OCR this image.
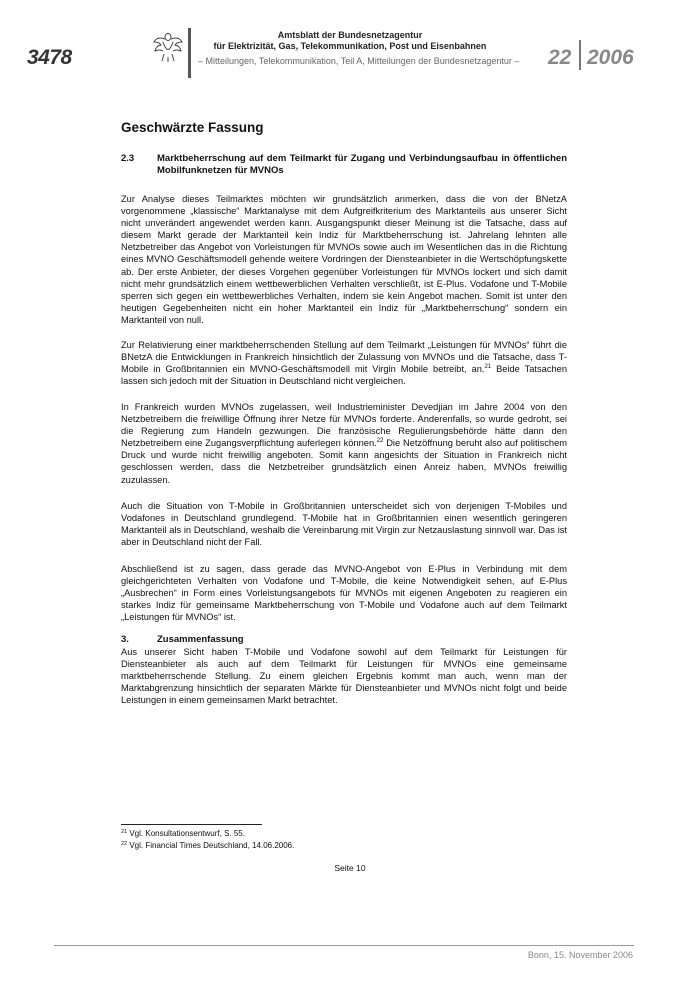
3478
Amtsblatt der Bundesnetzagentur
für Elektrizität, Gas, Telekommunikation, Post und Eisenbahnen
– Mitteilungen, Telekommunikation, Teil A, Mitteilungen der Bundesnetzagentur –	22 2006
Geschwärzte Fassung
2.3 Marktbeherrschung auf dem Teilmarkt für Zugang und Verbindungsaufbau in öffentlichen Mobilfunknetzen für MVNOs
Zur Analyse dieses Teilmarktes möchten wir grundsätzlich anmerken, dass die von der BNetzA vorgenommene „klassische“ Marktanalyse mit dem Aufgreifkriterium des Marktanteils aus unserer Sicht nicht unverändert angewendet werden kann. Ausgangspunkt dieser Meinung ist die Tatsache, dass auf diesem Markt gerade der Marktanteil kein Indiz für Marktbeherrschung ist. Jahrelang lehnten alle Netzbetreiber das Angebot von Vorleistungen für MVNOs sowie auch im Wesentlichen das in die Richtung eines MVNO Geschäftsmodell gehende weitere Vordringen der Diensteanbieter in die Wertschöpfungskette ab. Der erste Anbieter, der dieses Vorgehen gegenüber Vorleistungen für MVNOs lockert und sich damit nicht mehr grundsätzlich einem wettbewerblichen Verhalten verschließt, ist E-Plus. Vodafone und T-Mobile sperren sich gegen ein wettbewerbliches Verhalten, indem sie kein Angebot machen. Somit ist unter den heutigen Gegebenheiten nicht ein hoher Marktanteil ein Indiz für „Marktbeherrschung“ sondern ein Marktanteil von null.
Zur Relativierung einer marktbeherrschenden Stellung auf dem Teilmarkt „Leistungen für MVNOs“ führt die BNetzA die Entwicklungen in Frankreich hinsichtlich der Zulassung von MVNOs und die Tatsache, dass T-Mobile in Großbritannien ein MVNO-Geschäftsmodell mit Virgin Mobile betreibt, an.$^{21}$ Beide Tatsachen lassen sich jedoch mit der Situation in Deutschland nicht vergleichen.
In Frankreich wurden MVNOs zugelassen, weil Industrieminister Devedjian im Jahre 2004 von den Netzbetreibern die freiwillige Öffnung ihrer Netze für MVNOs forderte. Anderenfalls, so wurde gedroht, sei die Regierung zum Handeln gezwungen. Die französische Regulierungsbehörde hätte dann den Netzbetreibern eine Zugangsverpflichtung auferlegen können.$^{22}$ Die Netzöffnung beruht also auf politischem Druck und wurde nicht freiwillig angeboten. Somit kann angesichts der Situation in Frankreich nicht geschlossen werden, dass die Netzbetreiber grundsätzlich einen Anreiz haben, MVNOs freiwillig zuzulassen.
Auch die Situation von T-Mobile in Großbritannien unterscheidet sich von derjenigen T-Mobiles und Vodafones in Deutschland grundlegend. T-Mobile hat in Großbritannien einen wesentlich geringeren Marktanteil als in Deutschland, weshalb die Vereinbarung mit Virgin zur Netzauslastung sinnvoll war. Das ist aber in Deutschland nicht der Fall.
Abschließend ist zu sagen, dass gerade das MVNO-Angebot von E-Plus in Verbindung mit dem gleichgerichteten Verhalten von Vodafone und T-Mobile, die keine Notwendigkeit sehen, auf E-Plus „Ausbrechen“ in Form eines Vorleistungsangebots für MVNOs mit eigenen Angeboten zu reagieren ein starkes Indiz für gemeinsame Marktbeherrschung von T-Mobile und Vodafone auch auf dem Teilmarkt „Leistungen für MVNOs“ ist.
3.	Zusammenfassung
Aus unserer Sicht haben T-Mobile und Vodafone sowohl auf dem Teilmarkt für Leistungen für Diensteanbieter als auch auf dem Teilmarkt für Leistungen für MVNOs eine gemeinsame marktbeherrschende Stellung. Zu einem gleichen Ergebnis kommt man auch, wenn man der Marktabgrenzung hinsichtlich der separaten Märkte für Diensteanbieter und MVNOs nicht folgt und beide Leistungen in einem gemeinsamen Markt betrachtet.
$^{21}$ Vgl. Konsultationsentwurf, S. 55.
$^{22}$ Vgl. Financial Times Deutschland, 14.06.2006.
Seite 10
Bonn, 15. November 2006
